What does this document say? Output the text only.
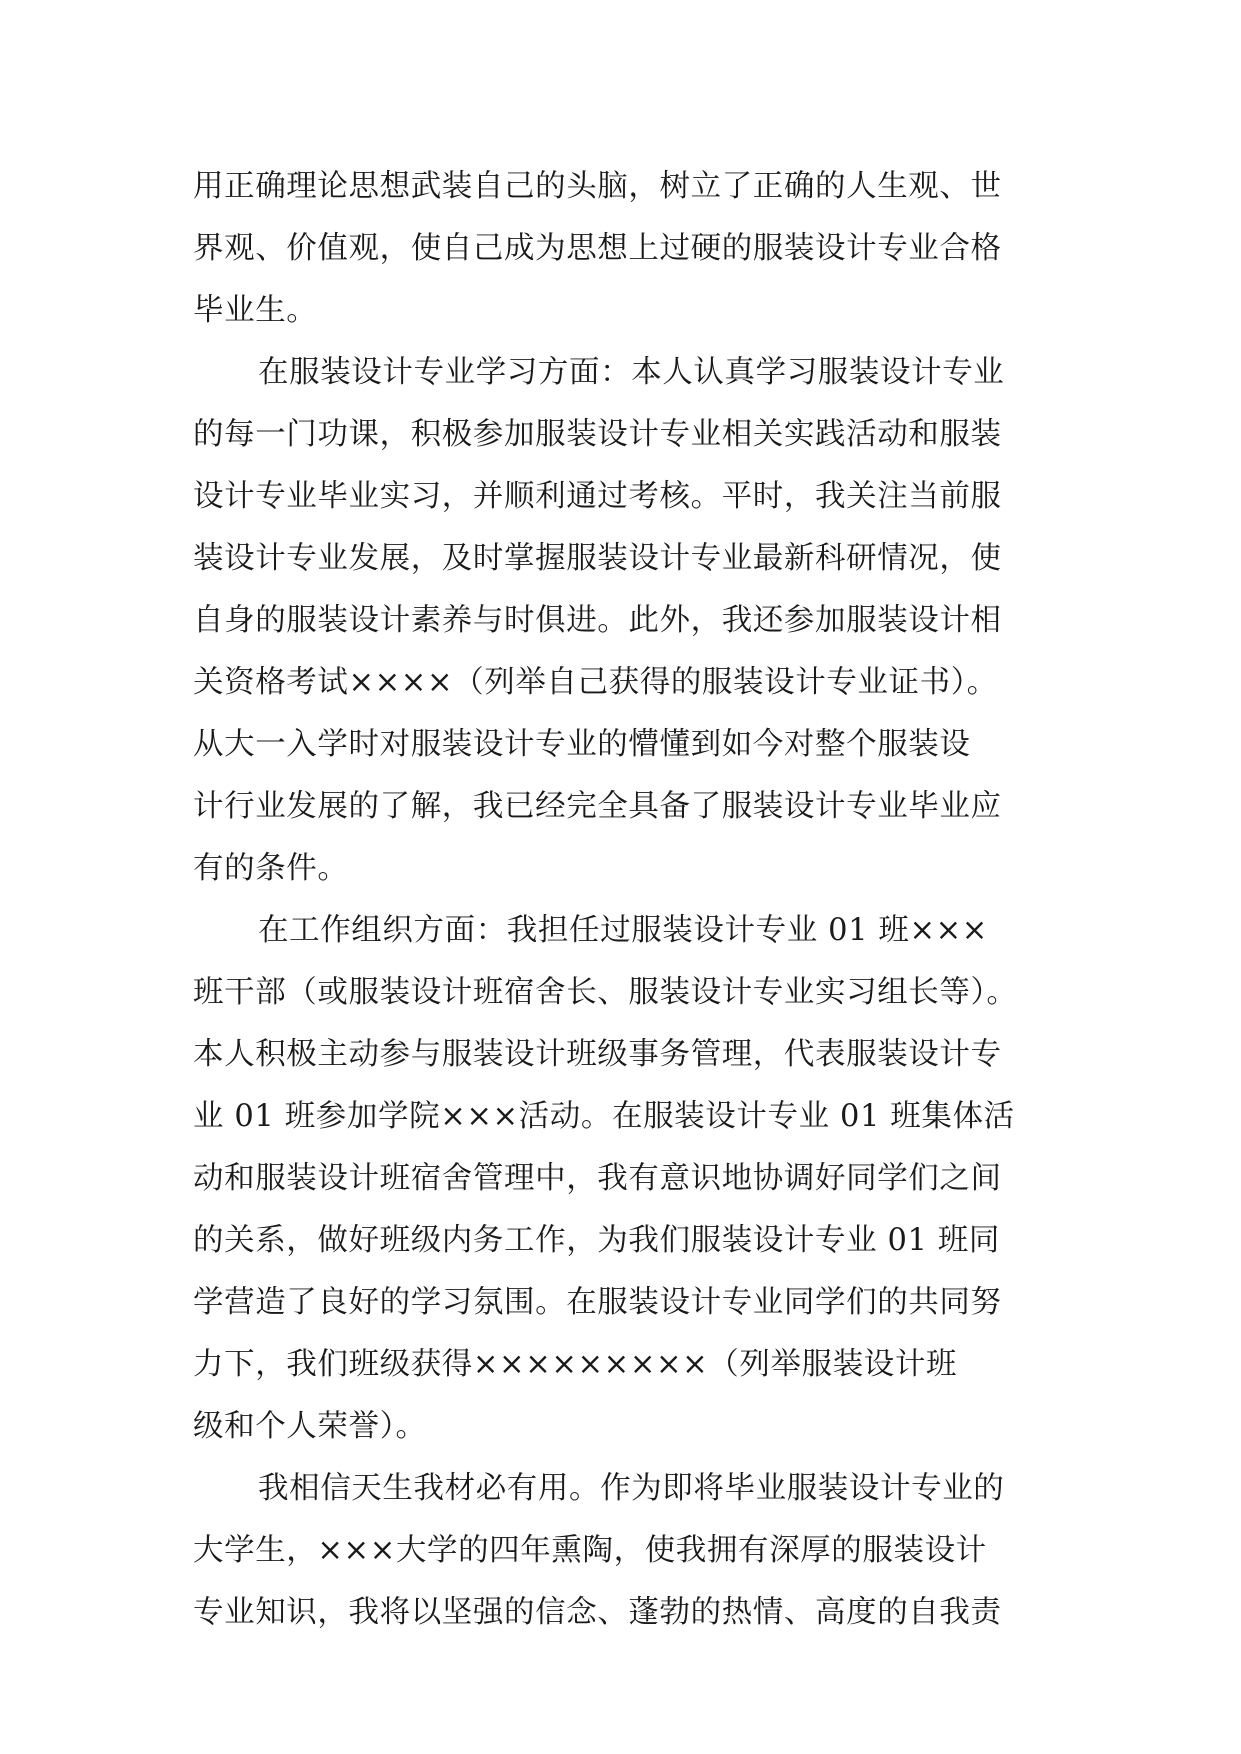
用正确理论思想武装自己的头脑，树立了正确的人生观、世
界观、价值观，使自己成为思想上过硬的服装设计专业合格
毕业生。
在服装设计专业学习方面：本人认真学习服装设计专业
的每一门功课，积极参加服装设计专业相关实践活动和服装
设计专业毕业实习，并顺利通过考核。平时，我关注当前服
装设计专业发展，及时掌握服装设计专业最新科研情况，使
自身的服装设计素养与时俱进。此外，我还参加服装设计相
关资格考试××××（列举自己获得的服装设计专业证书）。
从大一入学时对服装设计专业的懵懂到如今对整个服装设
计行业发展的了解，我已经完全具备了服装设计专业毕业应
有的条件。
在工作组织方面：我担任过服装设计专业 01 班×××
班干部（或服装设计班宿舍长、服装设计专业实习组长等）。
本人积极主动参与服装设计班级事务管理，代表服装设计专
业 01 班参加学院×××活动。在服装设计专业 01 班集体活
动和服装设计班宿舍管理中，我有意识地协调好同学们之间
的关系，做好班级内务工作，为我们服装设计专业 01 班同
学营造了良好的学习氛围。在服装设计专业同学们的共同努
力下，我们班级获得×××××××××（列举服装设计班
级和个人荣誉）。
我相信天生我材必有用。作为即将毕业服装设计专业的
大学生，×××大学的四年熏陶，使我拥有深厚的服装设计
专业知识，我将以坚强的信念、蓬勃的热情、高度的自我责
